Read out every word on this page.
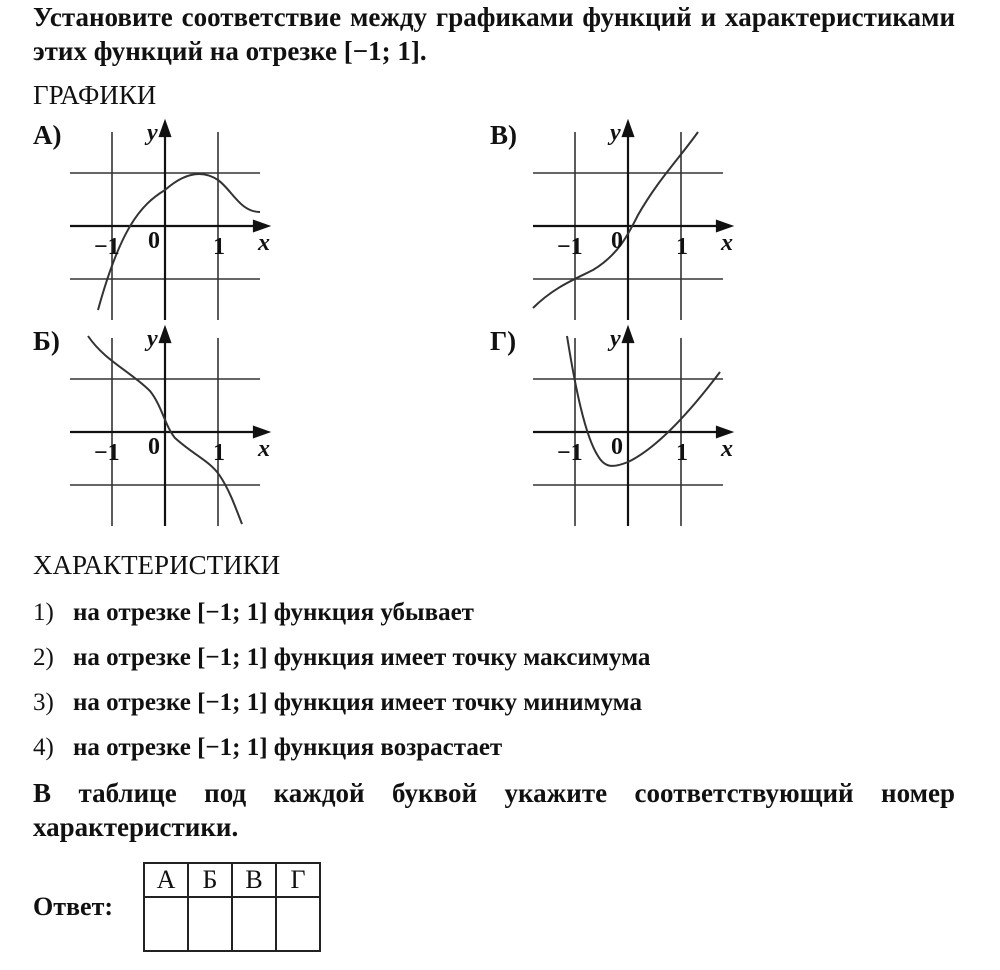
Установите соответствие между графиками функций и характеристиками этих функций на отрезке [−1; 1].

ГРАФИКИ
А)	y
x
−1 0 1
В)	y
x
−1 0 1
Б)	y
x
−1 0 1
Г)	y
x
−1 0 1
ХАРАКТЕРИСТИКИ
1) на отрезке [−1; 1] функция убывает
2) на отрезке [−1; 1] функция имеет точку максимума
3) на отрезке [−1; 1] функция имеет точку минимума
4) на отрезке [−1; 1] функция возрастает

В таблице под каждой буквой укажите соответствующий номер характеристики.

Ответ:
А	Б	В	Г
